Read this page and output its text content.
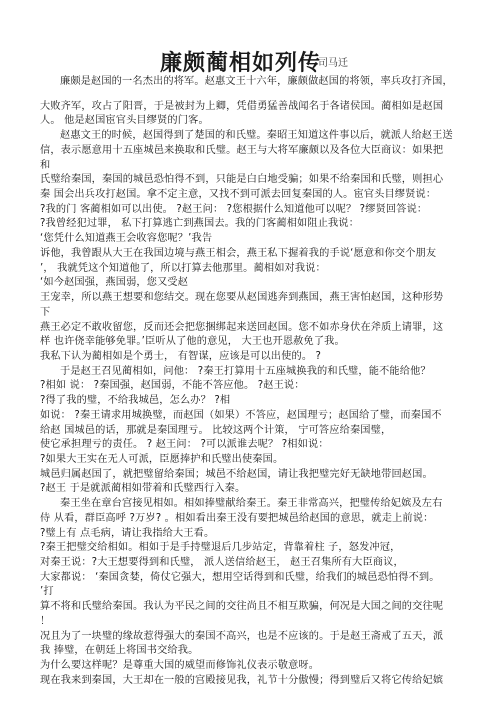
廉颇蔺相如列传
司马迁
廉颇是赵国的一名杰出的将军。赵惠文王十六年，廉颇做赵国的将领，率兵攻打齐国，
大败齐军，攻占了阳晋，于是被封为上卿，凭借勇猛善战闻名于各诸侯国。蔺相如是赵国
人。 他是赵国宦官头目缪贤的门客。
赵惠文王的时候，赵国得到了楚国的和氏璧。秦昭王知道这件事以后，就派人给赵王送
信，表示愿意用十五座城邑来换取和氏璧。赵王与大将军廉颇以及各位大臣商议：如果把
和
氏璧给秦国，秦国的城邑恐怕得不到，只能是白白地受骗；如果不给秦国和氏璧，则担心
秦 国会出兵攻打赵国。拿不定主意，又找不到可派去回复秦国的人。宦官头目缪贤说：
?我的门 客蔺相如可以出使。 ?赵王问： ?您根据什么知道他可以呢？ ?缪贤回答说：
?我曾经犯过罪， 私下打算逃亡到燕国去。我的门客蔺相如阻止我说：
‘您凭什么知道燕王会收容您呢？’我告
诉他，我曾跟从大王在我国边境与燕王相会，燕王私下握着我的手说‘愿意和你交个朋友
’， 我就凭这个知道他了，所以打算去他那里。蔺相如对我说：
‘如今赵国强，燕国弱，您又受赵
王宠幸，所以燕王想要和您结交。现在您要从赵国逃奔到燕国，燕王害怕赵国，这种形势
下
燕王必定不敢收留您，反而还会把您捆绑起来送回赵国。您不如赤身伏在斧质上请罪，这
样 也许侥幸能够免罪。’臣听从了他的意见， 大王也开恩赦免了我。
我私下认为蔺相如是个勇士， 有智谋，应该是可以出使的。 ?
于是赵王召见蔺相如，问他： ?秦王打算用十五座城换我的和氏璧，能不能给他？
?相如 说： ?秦国强，赵国弱，不能不答应他。 ?赵王说：
?得了我的璧，不给我城邑，怎么办？ ?相
如说： ?秦王请求用城换璧，而赵国（如果）不答应，赵国理亏；赵国给了璧，而秦国不
给赵 国城邑的话，那就是秦国理亏。 比较这两个计策， 宁可答应给秦国璧，
使它承担理亏的责任。 ? 赵王问： ?可以派谁去呢？ ?相如说：
?如果大王实在无人可派，臣愿捧护和氏璧出使秦国。
城邑归属赵国了，就把璧留给秦国；城邑不给赵国，请让我把璧完好无缺地带回赵国。
?赵王 于是就派蔺相如带着和氏璧西行入秦。
秦王坐在章台宫接见相如。相如捧璧献给秦王。秦王非常高兴，把璧传给妃嫔及左右
侍 从看，群臣高呼 ?万岁? 。相如看出秦王没有要把城邑给赵国的意思，就走上前说：
?璧上有 点毛病，请让我指给大王看。
?秦王把璧交给相如。相如于是手持璧退后几步站定，背靠着柱 子，怒发冲冠，
对秦王说：?大王想要得到和氏璧， 派人送信给赵王， 赵王召集所有大臣商议，
大家都说： ‘秦国贪婪，倚仗它强大，想用空话得到和氏璧，给我们的城邑恐怕得不到。
’打
算不将和氏璧给秦国。我认为平民之间的交往尚且不相互欺骗，何况是大国之间的交往呢
！
况且为了一块璧的缘故惹得强大的秦国不高兴，也是不应该的。于是赵王斋戒了五天，派
我 捧璧，在朝廷上将国书交给我。
为什么要这样呢？是尊重大国的威望而修饰礼仪表示敬意呀。
现在我来到秦国，大王却在一般的宫殿接见我，礼节十分傲慢；得到璧后又将它传给妃嫔
